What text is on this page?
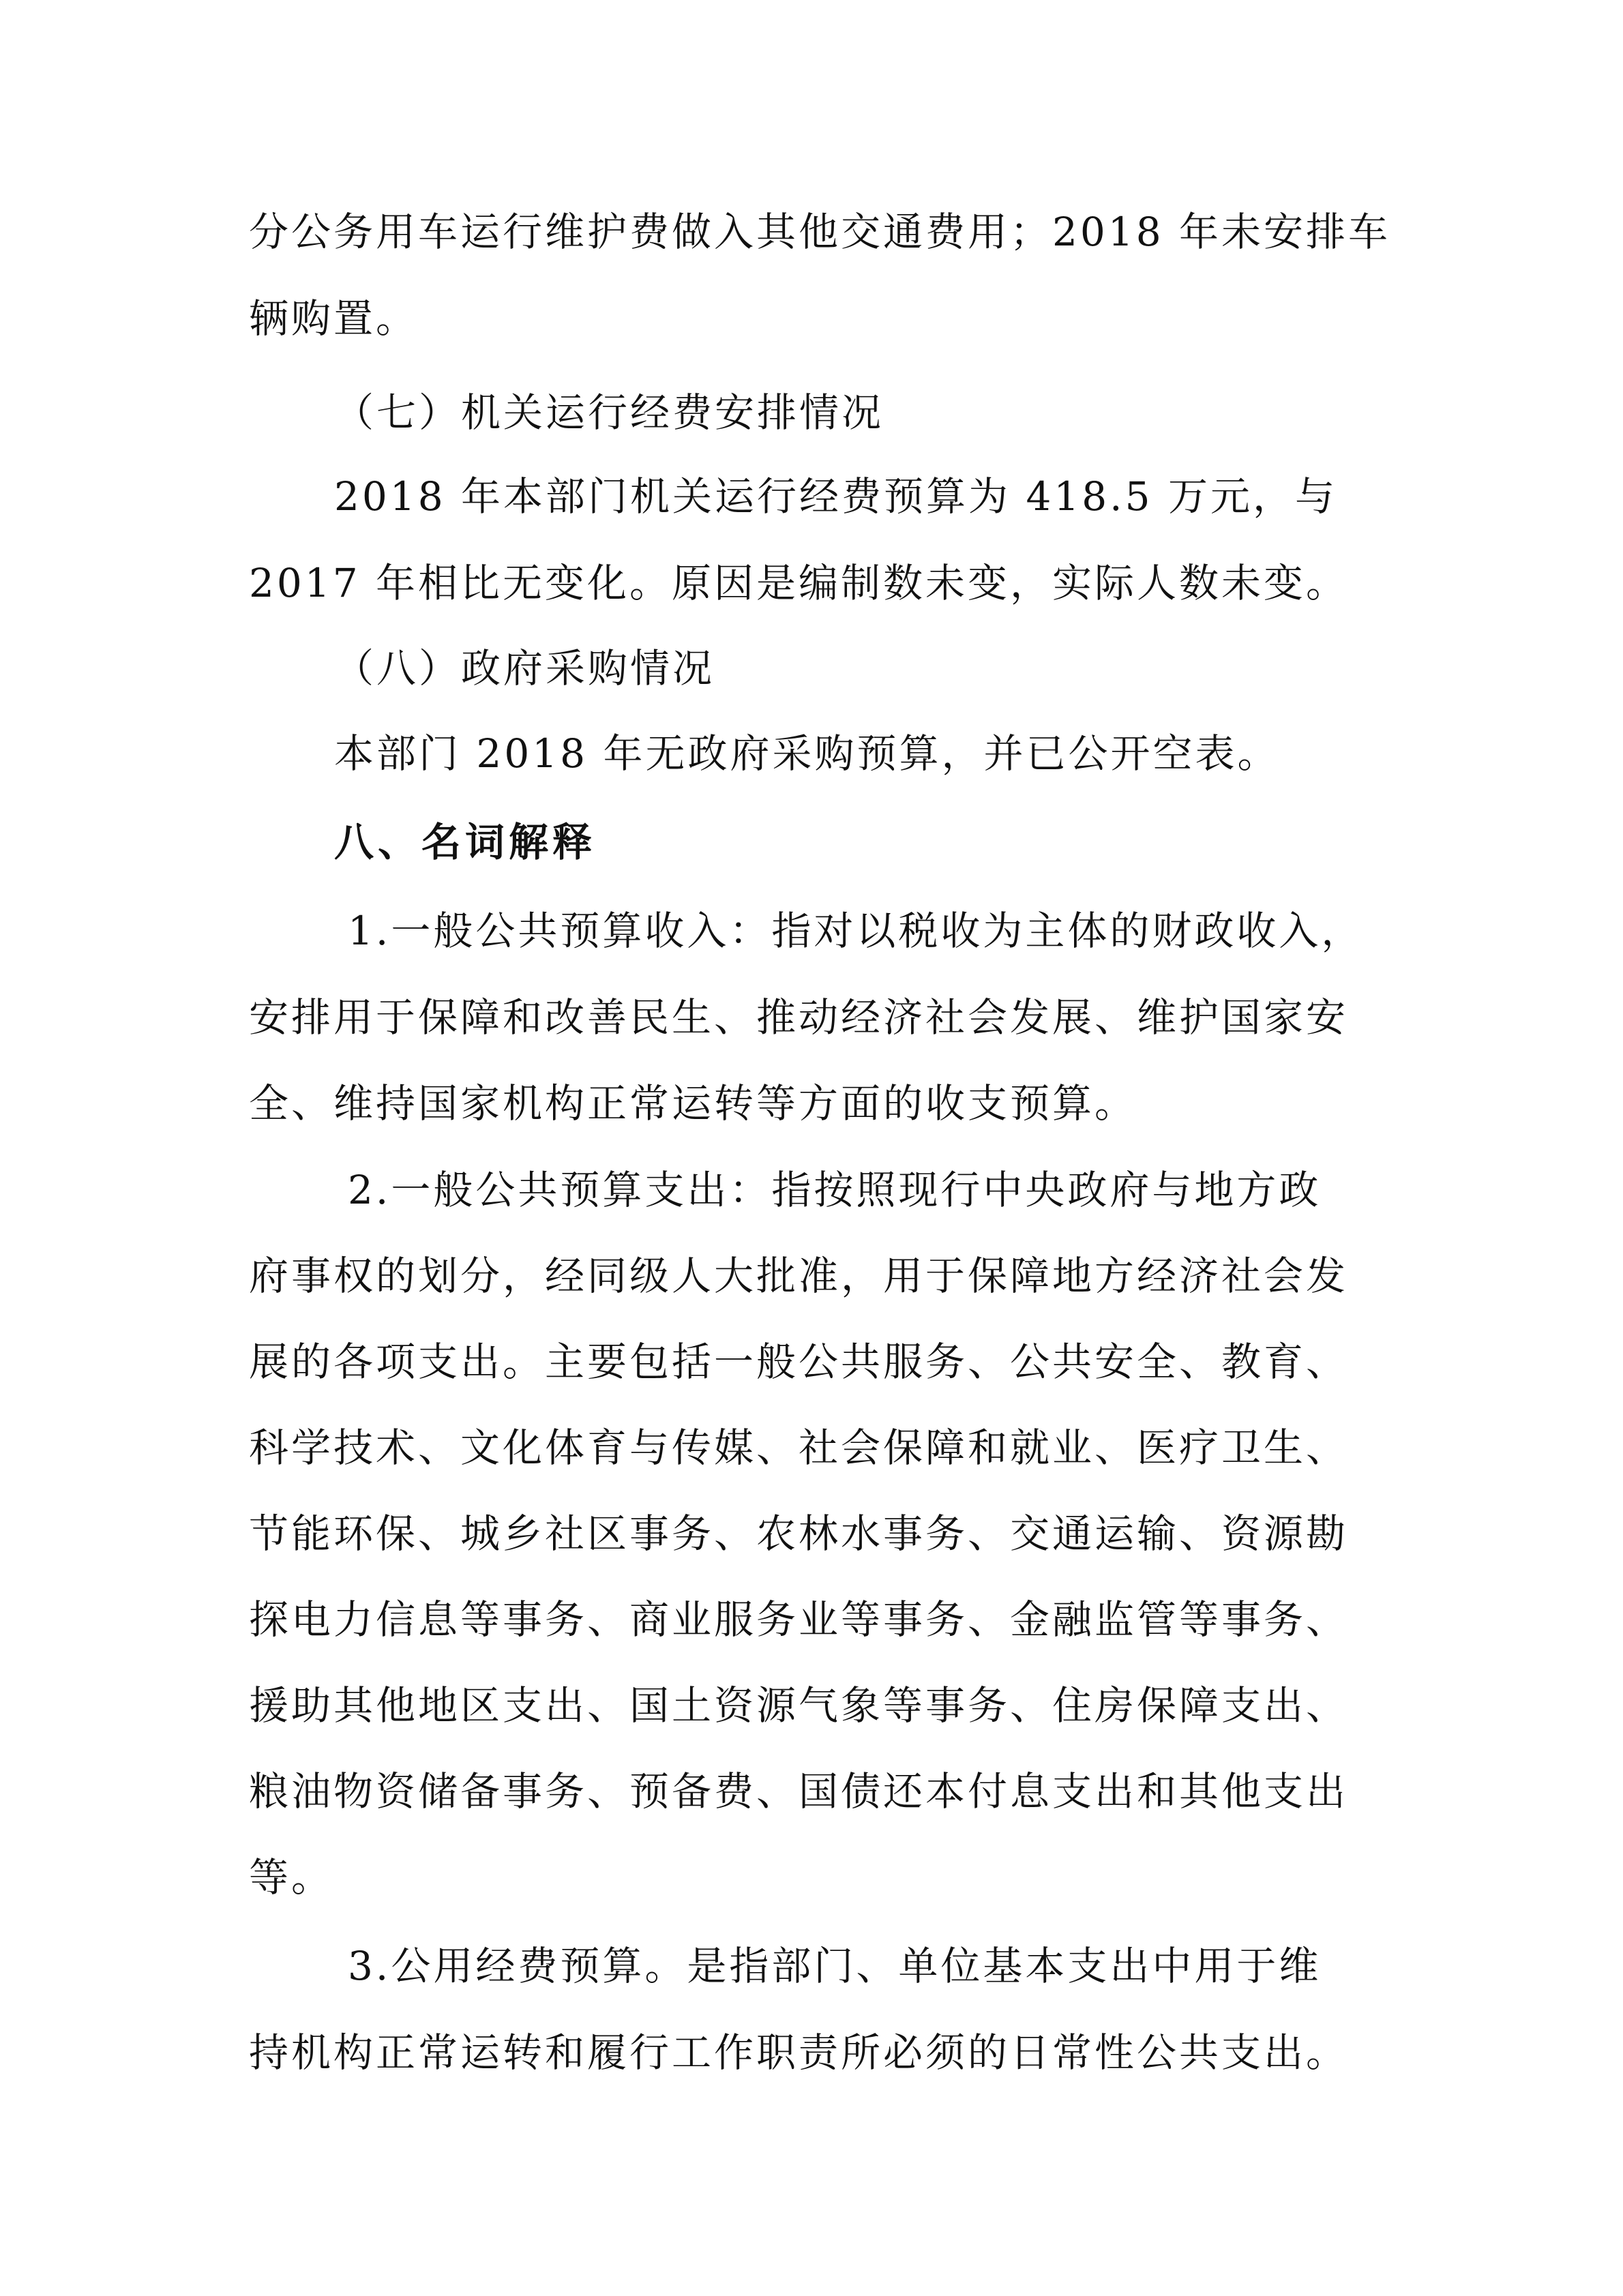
分公务用车运行维护费做入其他交通费用；2018 年未安排车
辆购置。
（七）机关运行经费安排情况
2018 年本部门机关运行经费预算为 418.5 万元，与
2017 年相比无变化。原因是编制数未变，实际人数未变。
（八）政府采购情况
本部门 2018 年无政府采购预算，并已公开空表。
八、名词解释
1.一般公共预算收入：指对以税收为主体的财政收入，
安排用于保障和改善民生、推动经济社会发展、维护国家安
全、维持国家机构正常运转等方面的收支预算。
2.一般公共预算支出：指按照现行中央政府与地方政
府事权的划分，经同级人大批准，用于保障地方经济社会发
展的各项支出。主要包括一般公共服务、公共安全、教育、
科学技术、文化体育与传媒、社会保障和就业、医疗卫生、
节能环保、城乡社区事务、农林水事务、交通运输、资源勘
探电力信息等事务、商业服务业等事务、金融监管等事务、
援助其他地区支出、国土资源气象等事务、住房保障支出、
粮油物资储备事务、预备费、国债还本付息支出和其他支出
等。
3.公用经费预算。是指部门、单位基本支出中用于维
持机构正常运转和履行工作职责所必须的日常性公共支出。
